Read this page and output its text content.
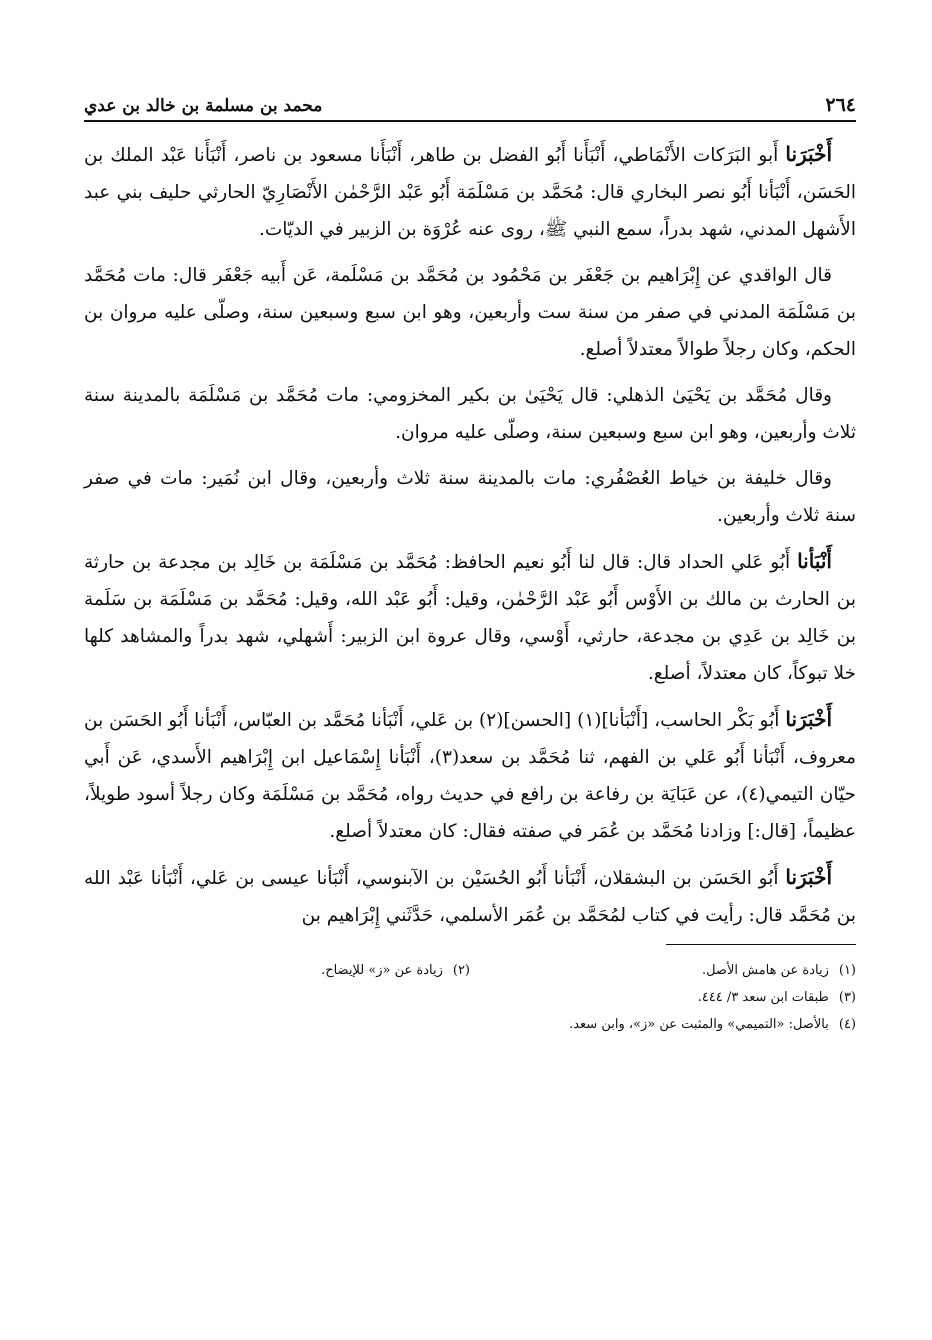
٢٦٤
محمد بن مسلمة بن خالد بن عدي

أَخْبَرَنا أَبو البَرَكات الأَنْمَاطي، أَنْبَأَنا أَبُو الفضل بن طاهر، أَنْبَأَنا مسعود بن ناصر، أَنْبَأَنا عَبْد الملك بن الحَسَن، أَنْبَأنا أَبُو نصر البخاري قال: مُحَمَّد بن مَسْلَمَة أَبُو عَبْد الرَّحْمٰن الأَنْصَارِيّ الحارثي حليف بني عبد الأَشهل المدني، شهد بدراً، سمع النبي ﷺ، روى عنه عُرْوَة بن الزبير في الديّات.

قال الواقدي عن إِبْرَاهيم بن جَعْفَر بن مَحْمُود بن مُحَمَّد بن مَسْلَمة، عَن أَبيه جَعْفَر قال: مات مُحَمَّد بن مَسْلَمَة المدني في صفر من سنة ست وأربعين، وهو ابن سبع وسبعين سنة، وصلّى عليه مروان بن الحكم، وكان رجلاً طوالاً معتدلاً أصلع.

وقال مُحَمَّد بن يَحْيَىٰ الذهلي: قال يَحْيَىٰ بن بكير المخزومي: مات مُحَمَّد بن مَسْلَمَة بالمدينة سنة ثلاث وأربعين، وهو ابن سبع وسبعين سنة، وصلّى عليه مروان.

وقال خليفة بن خياط العُصْفُري: مات بالمدينة سنة ثلاث وأربعين، وقال ابن نُمَير: مات في صفر سنة ثلاث وأربعين.

أَنْبَأنا أَبُو عَلي الحداد قال: قال لنا أَبُو نعيم الحافظ: مُحَمَّد بن مَسْلَمَة بن خَالِد بن مجدعة بن حارثة بن الحارث بن مالك بن الأَوْس أَبُو عَبْد الرَّحْمٰن، وقيل: أَبُو عَبْد الله، وقيل: مُحَمَّد بن مَسْلَمَة بن سَلَمة بن خَالِد بن عَدِي بن مجدعة، حارثي، أَوْسي، وقال عروة ابن الزبير: أَشهلي، شهد بدراً والمشاهد كلها خلا تبوكاً، كان معتدلاً، أصلع.

أَخْبَرَنا أَبُو بَكْر الحاسب، [أَنْبَأنا](١) [الحسن](٢) بن عَلي، أَنْبَأنا مُحَمَّد بن العبّاس، أَنْبَأنا أَبُو الحَسَن بن معروف، أَنْبَأنا أَبُو عَلي بن الفهم، ثنا مُحَمَّد بن سعد(٣)، أَنْبَأنا إِسْمَاعيل ابن إِبْرَاهيم الأَسدي، عَن أَبي حيّان التيمي(٤)، عن عَبَايَة بن رفاعة بن رافع في حديث رواه، مُحَمَّد بن مَسْلَمَة وكان رجلاً أسود طويلاً، عظيماً، [قال:] وزادنا مُحَمَّد بن عُمَر في صفته فقال: كان معتدلاً أصلع.

أَخْبَرَنا أَبُو الحَسَن بن البشقلان، أَنْبَأنا أَبُو الحُسَيْن بن الآبنوسي، أَنْبَأنا عيسى بن عَلي، أَنْبَأنا عَبْد الله بن مُحَمَّد قال: رأيت في كتاب لمُحَمَّد بن عُمَر الأسلمي، حَدَّثَني إِبْرَاهيم بن

(١)زيادة عن هامش الأصل.
(٢)زيادة عن «ز» للإيضاح.
(٣)طبقات ابن سعد ٣/ ٤٤٤.
(٤)بالأصل: «التميمي» والمثبت عن «ز»، وابن سعد.
